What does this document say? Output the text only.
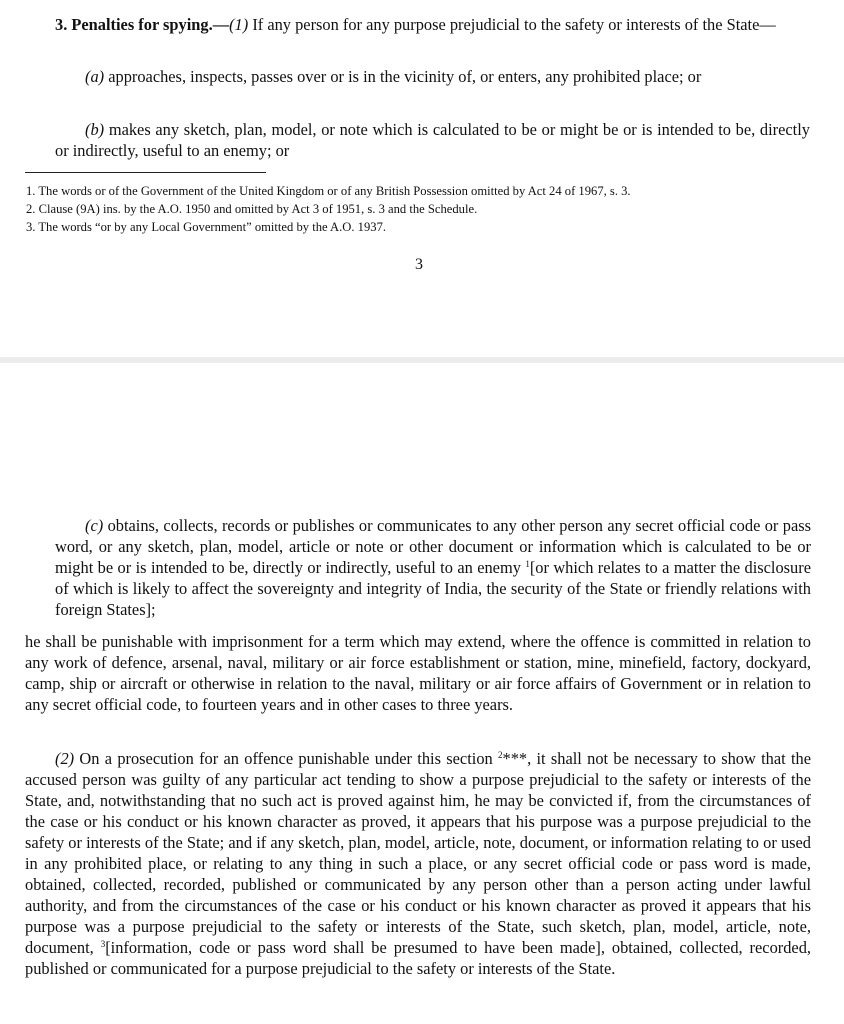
3. Penalties for spying.—(1) If any person for any purpose prejudicial to the safety or interests of the State—

(a) approaches, inspects, passes over or is in the vicinity of, or enters, any prohibited place; or

(b) makes any sketch, plan, model, or note which is calculated to be or might be or is intended to be, directly or indirectly, useful to an enemy; or

1. The words or of the Government of the United Kingdom or of any British Possession omitted by Act 24 of 1967, s. 3.

2. Clause (9A) ins. by the A.O. 1950 and omitted by Act 3 of 1951, s. 3 and the Schedule.

3. The words “or by any Local Government” omitted by the A.O. 1937.

3

(c) obtains, collects, records or publishes or communicates to any other person any secret official code or pass word, or any sketch, plan, model, article or note or other document or information which is calculated to be or might be or is intended to be, directly or indirectly, useful to an enemy $^1$[or which relates to a matter the disclosure of which is likely to affect the sovereignty and integrity of India, the security of the State or friendly relations with foreign States];

he shall be punishable with imprisonment for a term which may extend, where the offence is committed in relation to any work of defence, arsenal, naval, military or air force establishment or station, mine, minefield, factory, dockyard, camp, ship or aircraft or otherwise in relation to the naval, military or air force affairs of Government or in relation to any secret official code, to fourteen years and in other cases to three years.

(2) On a prosecution for an offence punishable under this section $^2$***, it shall not be necessary to show that the accused person was guilty of any particular act tending to show a purpose prejudicial to the safety or interests of the State, and, notwithstanding that no such act is proved against him, he may be convicted if, from the circumstances of the case or his conduct or his known character as proved, it appears that his purpose was a purpose prejudicial to the safety or interests of the State; and if any sketch, plan, model, article, note, document, or information relating to or used in any prohibited place, or relating to any thing in such a place, or any secret official code or pass word is made, obtained, collected, recorded, published or communicated by any person other than a person acting under lawful authority, and from the circumstances of the case or his conduct or his known character as proved it appears that his purpose was a purpose prejudicial to the safety or interests of the State, such sketch, plan, model, article, note, document, $^3$[information, code or pass word shall be presumed to have been made], obtained, collected, recorded, published or communicated for a purpose prejudicial to the safety or interests of the State.
